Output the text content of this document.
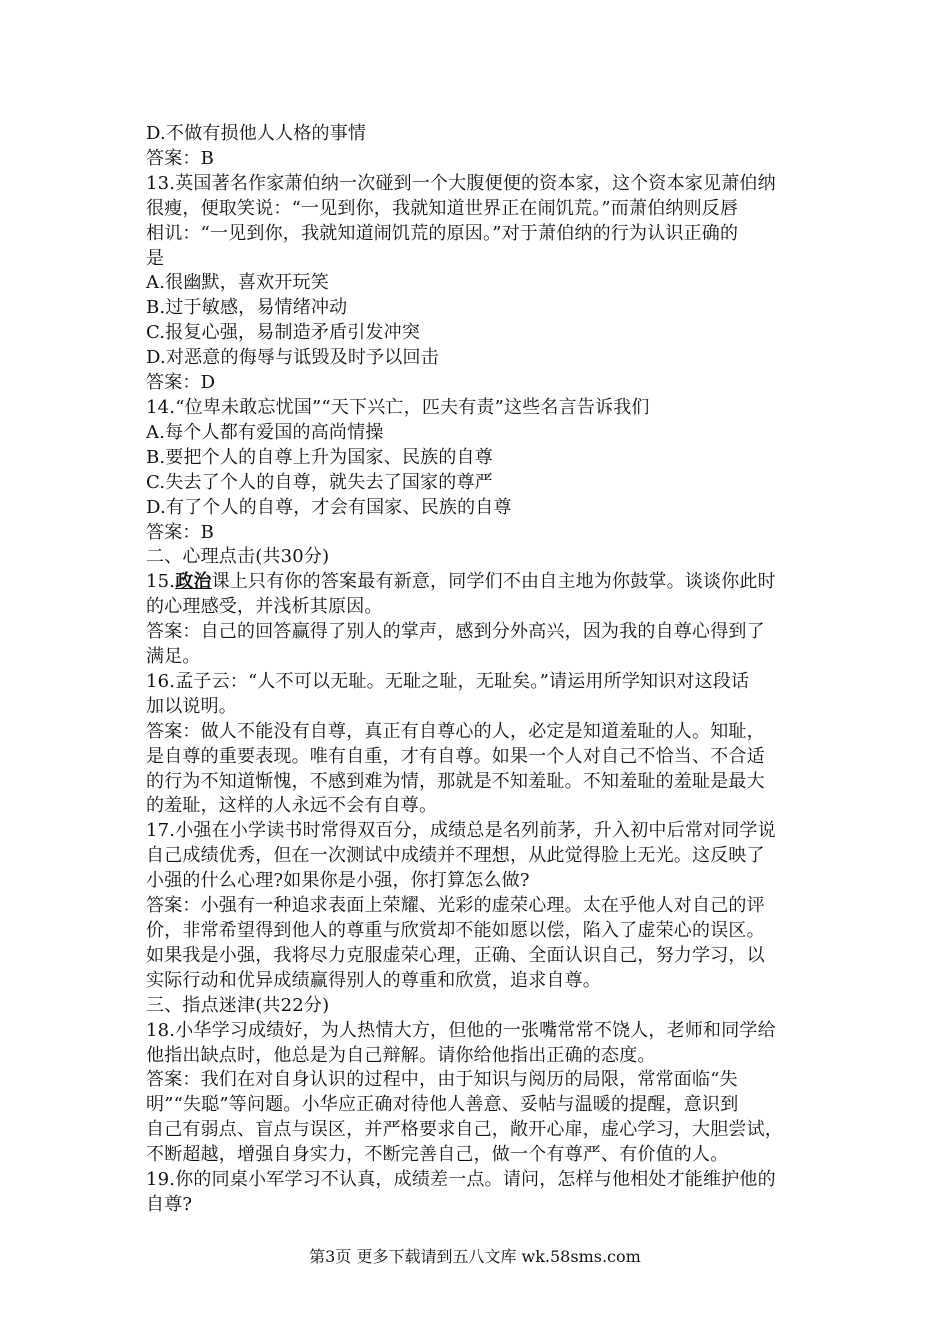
D.不做有损他人人格的事情
答案：B
13.英国著名作家萧伯纳一次碰到一个大腹便便的资本家，这个资本家见萧伯纳
很瘦，便取笑说：“一见到你，我就知道世界正在闹饥荒。”而萧伯纳则反唇
相讥：“一见到你，我就知道闹饥荒的原因。”对于萧伯纳的行为认识正确的
是
A.很幽默，喜欢开玩笑
B.过于敏感，易情绪冲动
C.报复心强，易制造矛盾引发冲突
D.对恶意的侮辱与诋毁及时予以回击
答案：D
14.“位卑未敢忘忧国”“天下兴亡，匹夫有责”这些名言告诉我们
A.每个人都有爱国的高尚情操
B.要把个人的自尊上升为国家、民族的自尊
C.失去了个人的自尊，就失去了国家的尊严
D.有了个人的自尊，才会有国家、民族的自尊
答案：B
二、心理点击(共30分)
15.政治课上只有你的答案最有新意，同学们不由自主地为你鼓掌。谈谈你此时
的心理感受，并浅析其原因。
答案：自己的回答赢得了别人的掌声，感到分外高兴，因为我的自尊心得到了
满足。
16.孟子云：“人不可以无耻。无耻之耻，无耻矣。”请运用所学知识对这段话
加以说明。
答案：做人不能没有自尊，真正有自尊心的人，必定是知道羞耻的人。知耻，
是自尊的重要表现。唯有自重，才有自尊。如果一个人对自己不恰当、不合适
的行为不知道惭愧，不感到难为情，那就是不知羞耻。不知羞耻的羞耻是最大
的羞耻，这样的人永远不会有自尊。
17.小强在小学读书时常得双百分，成绩总是名列前茅，升入初中后常对同学说
自己成绩优秀，但在一次测试中成绩并不理想，从此觉得脸上无光。这反映了
小强的什么心理?如果你是小强，你打算怎么做?
答案：小强有一种追求表面上荣耀、光彩的虚荣心理。太在乎他人对自己的评
价，非常希望得到他人的尊重与欣赏却不能如愿以偿，陷入了虚荣心的误区。
如果我是小强，我将尽力克服虚荣心理，正确、全面认识自己，努力学习，以
实际行动和优异成绩赢得别人的尊重和欣赏，追求自尊。
三、指点迷津(共22分)
18.小华学习成绩好，为人热情大方，但他的一张嘴常常不饶人，老师和同学给
他指出缺点时，他总是为自己辩解。请你给他指出正确的态度。
答案：我们在对自身认识的过程中，由于知识与阅历的局限，常常面临“失
明”“失聪”等问题。小华应正确对待他人善意、妥帖与温暖的提醒，意识到
自己有弱点、盲点与误区，并严格要求自己，敞开心扉，虚心学习，大胆尝试，
不断超越，增强自身实力，不断完善自己，做一个有尊严、有价值的人。
19.你的同桌小军学习不认真，成绩差一点。请问，怎样与他相处才能维护他的
自尊?
第3页 更多下载请到五八文库 wk.58sms.com
